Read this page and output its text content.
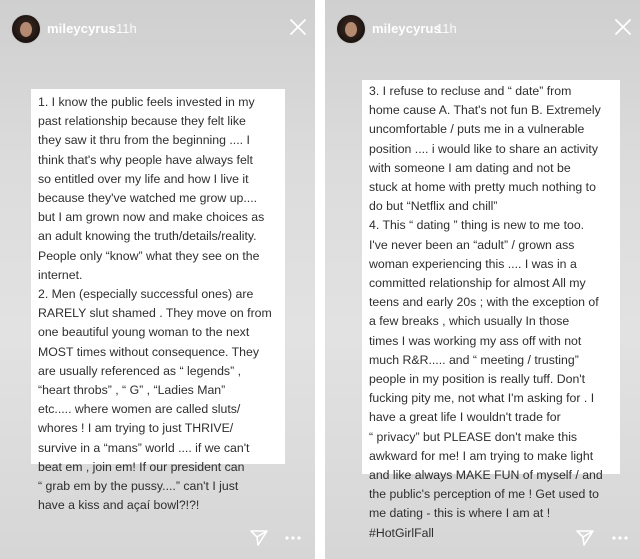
mileycyrus 11h

1. I know the public feels invested in my
past relationship because they felt like
they saw it thru from the beginning .... I
think that's why people have always felt
so entitled over my life and how I live it
because they've watched me grow up....
but I am grown now and make choices as
an adult knowing the truth/details/reality.
People only “know” what they see on the
internet.
2. Men (especially successful ones) are
RARELY slut shamed . They move on from
one beautiful young woman to the next
MOST times without consequence. They
are usually referenced as “ legends” ,
“heart throbs” , “ G” , “Ladies Man”
etc..... where women are called sluts/
whores ! I am trying to just THRIVE/
survive in a “mans” world .... if we can't
beat em , join em! If our president can
“ grab em by the pussy....” can't I just
have a kiss and açaí bowl?!?!

mileycyrus
11h

3. I refuse to recluse and “ date” from
home cause A. That's not fun B. Extremely
uncomfortable / puts me in a vulnerable
position .... i would like to share an activity
with someone I am dating and not be
stuck at home with pretty much nothing to
do but “Netflix and chill”
4. This “ dating ” thing is new to me too.
I've never been an “adult” / grown ass
woman experiencing this .... I was in a
committed relationship for almost All my
teens and early 20s ; with the exception of
a few breaks , which usually In those
times I was working my ass off with not
much R&R..... and “ meeting / trusting”
people in my position is really tuff. Don't
fucking pity me, not what I'm asking for . I
have a great life I wouldn't trade for
“ privacy” but PLEASE don't make this
awkward for me! I am trying to make light
and like always MAKE FUN of myself / and
the public's perception of me ! Get used to
me dating - this is where I am at !
#HotGirlFall
